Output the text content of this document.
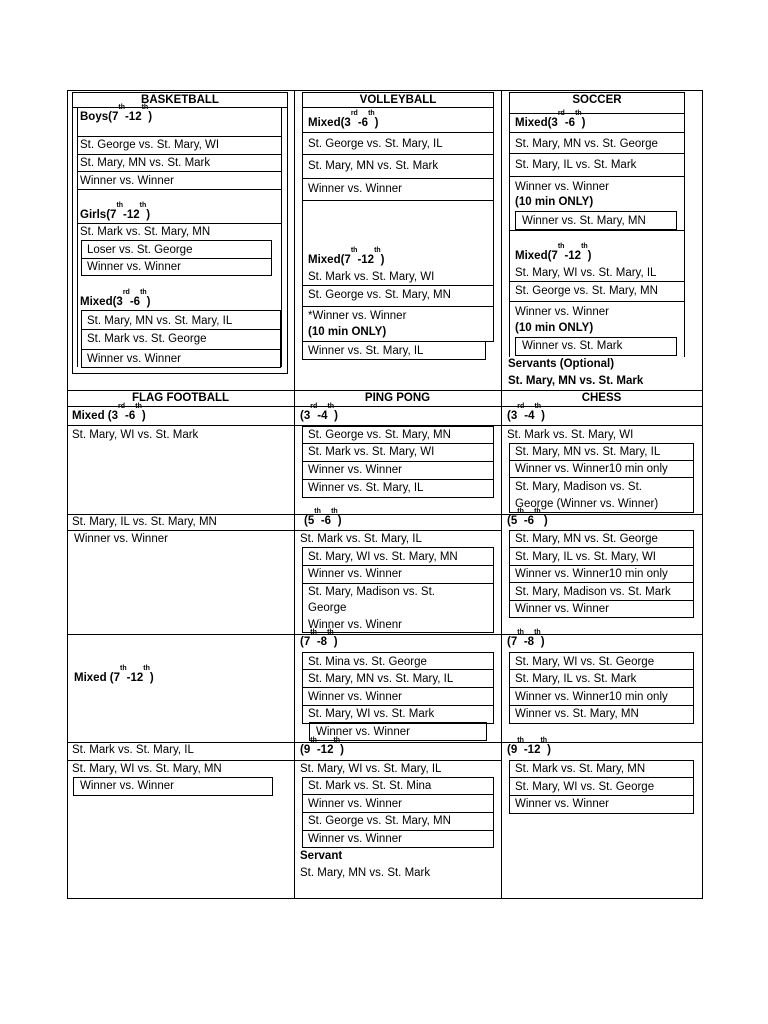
BASKETBALL
Boys(7th-12th)
St. George vs. St. Mary, WI
St. Mary, MN vs. St. Mark
Winner vs. Winner
Girls(7th-12th)
St. Mark vs. St. Mary, MN
Loser vs. St. George
Winner vs. Winner
Mixed(3rd-6th)
St. Mary, MN vs. St. Mary, IL
St. Mark vs. St. George
Winner vs. Winner
VOLLEYBALL
Mixed(3rd-6th)
St. George vs. St. Mary, IL
St. Mary, MN vs. St. Mark
Winner vs. Winner
Mixed(7th-12th)
St. Mark vs. St. Mary, WI
St. George vs. St. Mary, MN
*Winner vs. Winner
(10 min ONLY)
Winner vs. St. Mary, IL
SOCCER
Mixed(3rd-6th)
St. Mary, MN vs. St. George
St. Mary, IL vs. St. Mark
Winner vs. Winner
(10 min ONLY)
Winner vs. St. Mary, MN
Mixed(7th-12th)
St. Mary, WI vs. St. Mary, IL
St. George vs. St. Mary, MN
Winner vs. Winner
(10 min ONLY)
Winner vs. St. Mark
Servants (Optional)
St. Mary, MN vs. St. Mark
FLAG FOOTBALL	PING PONG	CHESS
Mixed (3rd-6th)
St. Mary, WI vs. St. Mark
St. Mary, IL vs. St. Mary, MN
Winner vs. Winner
Mixed (7th-12th)
St. Mark vs. St. Mary, IL
St. Mary, WI vs. St. Mary, MN
Winner vs. Winner
(3rd-4th)
St. George vs. St. Mary, MN
St. Mark vs. St. Mary, WI
Winner vs. Winner
Winner vs. St. Mary, IL
(5th-6th)
St. Mark vs. St. Mary, IL
St. Mary, WI vs. St. Mary, MN
Winner vs. Winner
St. Mary, Madison vs. St.
George
Winner vs. Winenr
(7th-8th)
St. Mina vs. St. George
St. Mary, MN vs. St. Mary, IL
Winner vs. Winner
St. Mary, WI vs. St. Mark
Winner vs. Winner
(9th-12th)
St. Mary, WI vs. St. Mary, IL
St. Mark vs. St. St. Mina
Winner vs. Winner
St. George vs. St. Mary, MN
Winner vs. Winner
Servant
St. Mary, MN vs. St. Mark
(3rd-4th)
St. Mark vs. St. Mary, WI
St. Mary, MN vs. St. Mary, IL
Winner vs. Winner10 min only
St. Mary, Madison vs. St.
George (Winner vs. Winner)
(5th-6th )
St. Mary, MN vs. St. George
St. Mary, IL vs. St. Mary, WI
Winner vs. Winner10 min only
St. Mary, Madison vs. St. Mark
Winner vs. Winner
(7th-8th)
St. Mary, WI vs. St. George
St. Mary, IL vs. St. Mark
Winner vs. Winner10 min only
Winner vs. St. Mary, MN
(9th-12th)
St. Mark vs. St. Mary, MN
St. Mary, WI vs. St. George
Winner vs. Winner
